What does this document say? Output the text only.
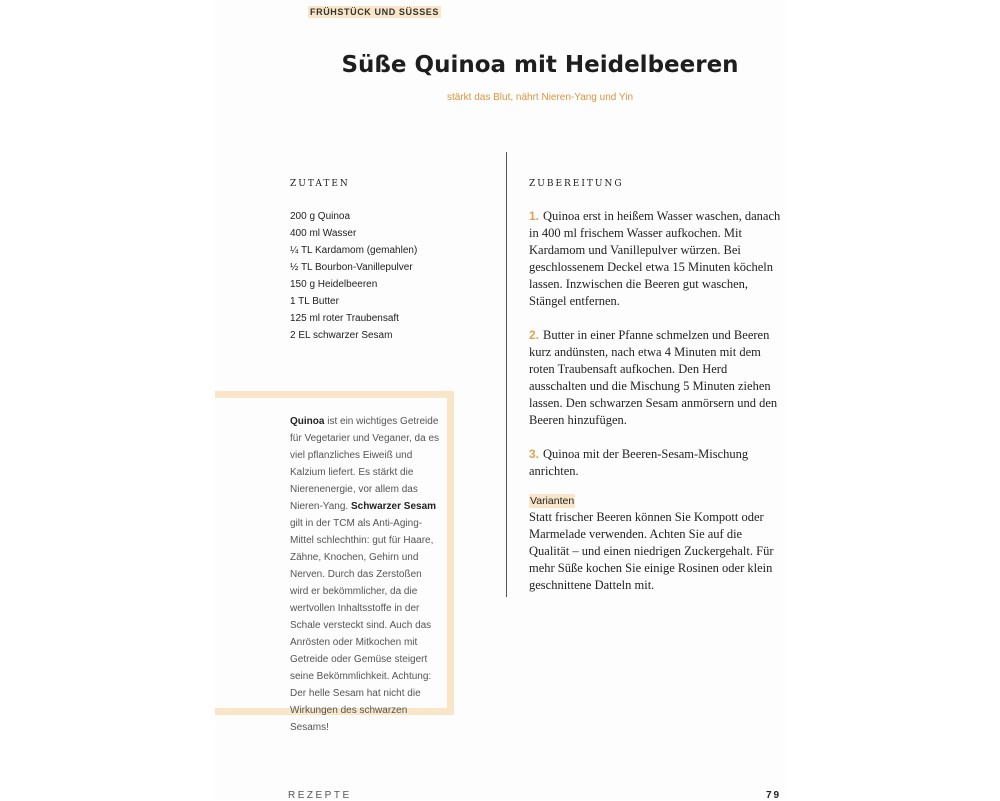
FRÜHSTÜCK UND SÜSSES
Süße Quinoa mit Heidelbeeren
stärkt das Blut, nährt Nieren-Yang und Yin
ZUTATEN
200 g Quinoa
400 ml Wasser
¼ TL Kardamom (gemahlen)
½ TL Bourbon-Vanillepulver
150 g Heidelbeeren
1 TL Butter
125 ml roter Traubensaft
2 EL schwarzer Sesam

Quinoa ist ein wichtiges Getreide für Vegetarier und Veganer, da es viel pflanzliches Eiweiß und Kalzium liefert. Es stärkt die Nierenenergie, vor allem das Nieren-Yang. Schwarzer Sesam gilt in der TCM als Anti-Aging-Mittel schlechthin: gut für Haare, Zähne, Knochen, Gehirn und Nerven. Durch das Zerstoßen wird er bekömmlicher, da die wertvollen Inhaltsstoffe in der Schale versteckt sind. Auch das Anrösten oder Mitkochen mit Getreide oder Gemüse steigert seine Bekömmlichkeit. Achtung: Der helle Sesam hat nicht die Wirkungen des schwarzen Sesams!

ZUBEREITUNG

1. Quinoa erst in heißem Wasser waschen, danach in 400 ml frischem Wasser aufkochen. Mit Kardamom und Vanillepulver würzen. Bei geschlossenem Deckel etwa 15 Minuten köcheln lassen. Inzwischen die Beeren gut waschen, Stängel entfernen.

2. Butter in einer Pfanne schmelzen und Beeren kurz andünsten, nach etwa 4 Minuten mit dem roten Traubensaft aufkochen. Den Herd ausschalten und die Mischung 5 Minuten ziehen lassen. Den schwarzen Sesam anmörsern und den Beeren hinzufügen.

3. Quinoa mit der Beeren-Sesam-Mischung anrichten.

Varianten

Statt frischer Beeren können Sie Kompott oder Marmelade verwenden. Achten Sie auf die Qualität – und einen niedrigen Zuckergehalt. Für mehr Süße kochen Sie einige Rosinen oder klein geschnittene Datteln mit.

REZEPTE	79
